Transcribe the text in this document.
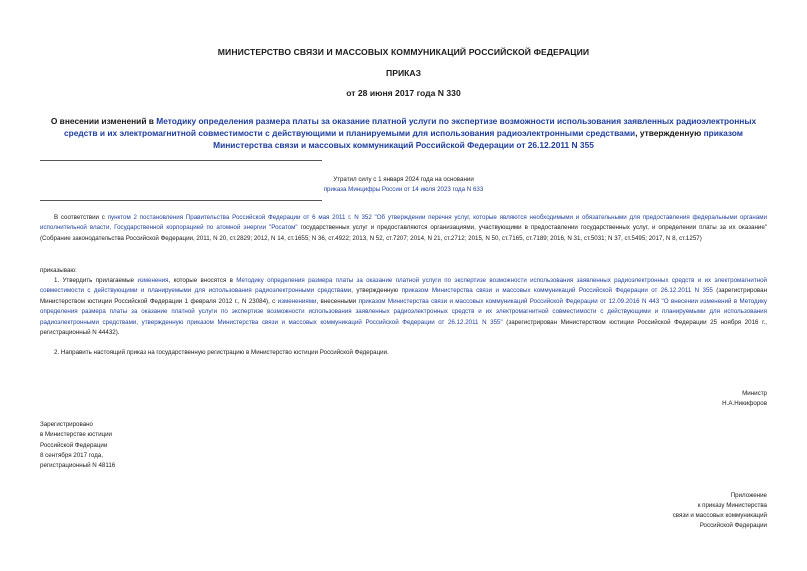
МИНИСТЕРСТВО СВЯЗИ И МАССОВЫХ КОММУНИКАЦИЙ РОССИЙСКОЙ ФЕДЕРАЦИИ
ПРИКАЗ
от 28 июня 2017 года N 330
О внесении изменений в Методику определения размера платы за оказание платной услуги по экспертизе возможности использования заявленных радиоэлектронных средств и их электромагнитной совместимости с действующими и планируемыми для использования радиоэлектронными средствами, утвержденную приказом Министерства связи и массовых коммуникаций Российской Федерации от 26.12.2011 N 355
Утратил силу с 1 января 2024 года на основании
приказа Минцифры России от 14 июля 2023 года N 633
В соответствии с пунктом 2 постановления Правительства Российской Федерации от 6 мая 2011 г. N 352 "Об утверждении перечня услуг, которые являются необходимыми и обязательными для предоставления федеральными органами исполнительной власти, Государственной корпорацией по атомной энергии "Росатом" государственных услуг и предоставляются организациями, участвующими в предоставлении государственных услуг, и определении платы за их оказание" (Собрание законодательства Российской Федерации, 2011, N 20, ст.2829; 2012, N 14, ст.1655; N 36, ст.4922; 2013, N 52, ст.7207; 2014, N 21, ст.2712; 2015, N 50, ст.7165, ст.7189; 2016, N 31, ст.5031; N 37, ст.5495; 2017, N 8, ст.1257)
приказываю:
1. Утвердить прилагаемые изменения, которые вносятся в Методику определения размера платы за оказание платной услуги по экспертизе возможности использования заявленных радиоэлектронных средств и их электромагнитной совместимости с действующими и планируемыми для использования радиоэлектронными средствами, утвержденную приказом Министерства связи и массовых коммуникаций Российской Федерации от 26.12.2011 N 355 (зарегистрирован Министерством юстиции Российской Федерации 1 февраля 2012 г., N 23084), с изменениями, внесенными приказом Министерства связи и массовых коммуникаций Российской Федерации от 12.09.2016 N 443 "О внесении изменений в Методику определения размера платы за оказание платной услуги по экспертизе возможности использования заявленных радиоэлектронных средств и их электромагнитной совместимости с действующими и планируемыми для использования радиоэлектронными средствами, утвержденную приказом Министерства связи и массовых коммуникаций Российской Федерации от 26.12.2011 N 355" (зарегистрирован Министерством юстиции Российской Федерации 25 ноября 2016 г., регистрационный N 44432).
2. Направить настоящий приказ на государственную регистрацию в Министерство юстиции Российской Федерации.
Министр
Н.А.Никифоров
Зарегистрировано
в Министерстве юстиции
Российской Федерации
8 сентября 2017 года,
регистрационный N 48116
Приложение
к приказу Министерства
связи и массовых коммуникаций
Российской Федерации
